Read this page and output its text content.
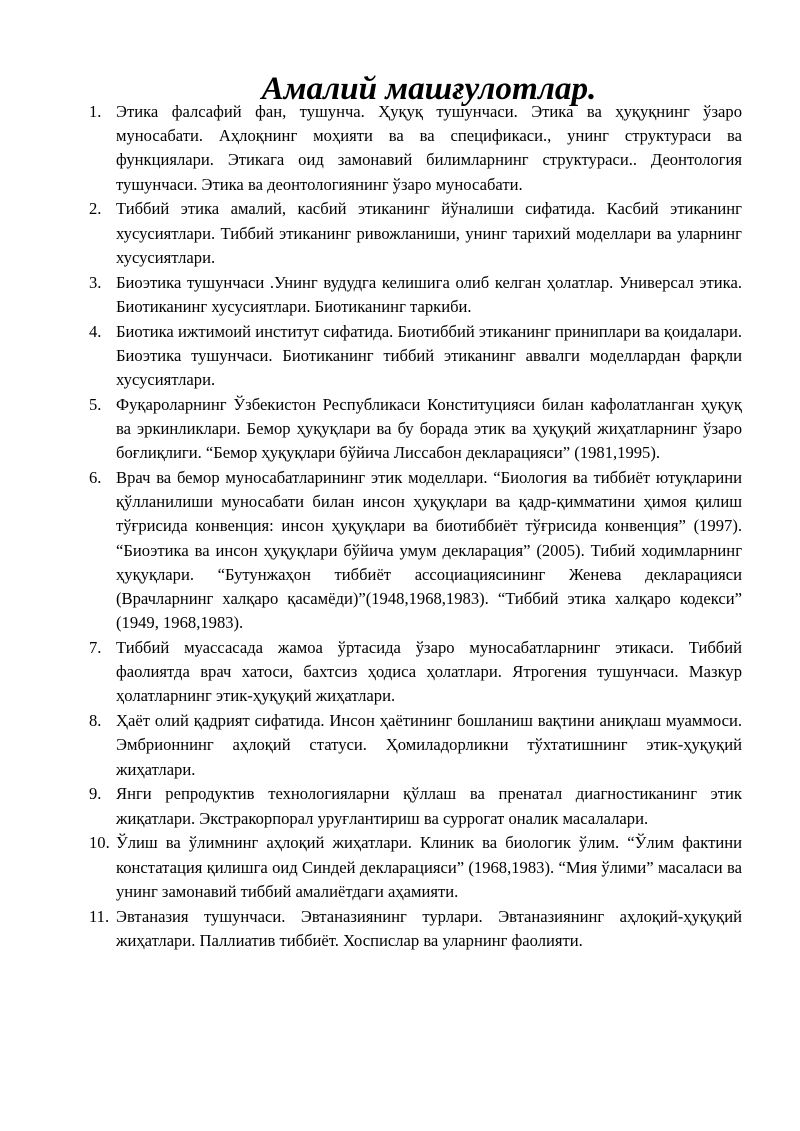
Амалий машғулотлар.
1. Этика фалсафий фан, тушунча. Ҳуқуқ тушунчаси. Этика ва ҳуқуқнинг ўзаро муносабати. Аҳлоқнинг моҳияти ва ва спецификаси., унинг структураси ва функциялари. Этикага оид замонавий билимларнинг структураси.. Деонтология тушунчаси. Этика ва деонтологиянинг ўзаро муносабати.
2. Тиббий этика амалий, касбий этиканинг йўналиши сифатида. Касбий этиканинг хусусиятлари. Тиббий этиканинг ривожланиши, унинг тарихий моделлари ва уларнинг хусусиятлари.
3. Биоэтика тушунчаси .Унинг вудудга келишига олиб келган ҳолатлар. Универсал этика. Биотиканинг хусусиятлари. Биотиканинг таркиби.
4. Биотика ижтимоий институт сифатида. Биотиббий этиканинг приниплари ва қоидалари. Биоэтика тушунчаси. Биотиканинг тиббий этиканинг аввалги моделлардан фарқли хусусиятлари.
5. Фуқароларнинг Ўзбекистон Республикаси Конституцияси билан кафолатланган ҳуқуқ ва эркинликлари. Бемор ҳуқуқлари ва бу борада этик ва ҳуқуқий жиҳатларнинг ўзаро боғлиқлиги. “Бемор ҳуқуқлари бўйича Лиссабон декларацияси” (1981,1995).
6. Врач ва бемор муносабатларининг этик моделлари. “Биология ва тиббиёт ютуқларини қўлланилиши муносабати билан инсон ҳуқуқлари ва қадр-қимматини ҳимоя қилиш тўғрисида конвенция: инсон ҳуқуқлари ва биотиббиёт тўғрисида конвенция” (1997). “Биоэтика ва инсон ҳуқуқлари бўйича умум декларация” (2005). Тибий ходимларнинг ҳуқуқлари. “Бутунжаҳон тиббиёт ассоциациясининг Женева декларацияси (Врачларнинг халқаро қасамёди)”(1948,1968,1983). “Тиббий этика халқаро кодекси” (1949, 1968,1983).
7. Тиббий муассасада жамоа ўртасида ўзаро муносабатларнинг этикаси. Тиббий фаолиятда врач хатоси, бахтсиз ҳодиса ҳолатлари. Ятрогения тушунчаси. Мазкур ҳолатларнинг этик-ҳуқуқий жиҳатлари.
8. Ҳаёт олий қадрият сифатида. Инсон ҳаётининг бошланиш вақтини аниқлаш муаммоси. Эмбрионнинг аҳлоқий статуси. Ҳомиладорликни тўхтатишнинг этик-ҳуқуқий жиҳатлари.
9. Янги репродуктив технологияларни қўллаш ва пренатал диагностиканинг этик жиқатлари. Экстракорпорал уруғлантириш ва суррогат оналик масалалари.
10. Ўлиш ва ўлимнинг аҳлоқий жиҳатлари. Клиник ва биологик ўлим. “Ўлим фактини констатация қилишга оид Синдей декларацияси” (1968,1983). “Мия ўлими” масаласи ва унинг замонавий тиббий амалиётдаги аҳамияти.
11. Эвтаназия тушунчаси. Эвтаназиянинг турлари. Эвтаназиянинг аҳлоқий-ҳуқуқий жиҳатлари. Паллиатив тиббиёт. Хоспислар ва уларнинг фаолияти.
